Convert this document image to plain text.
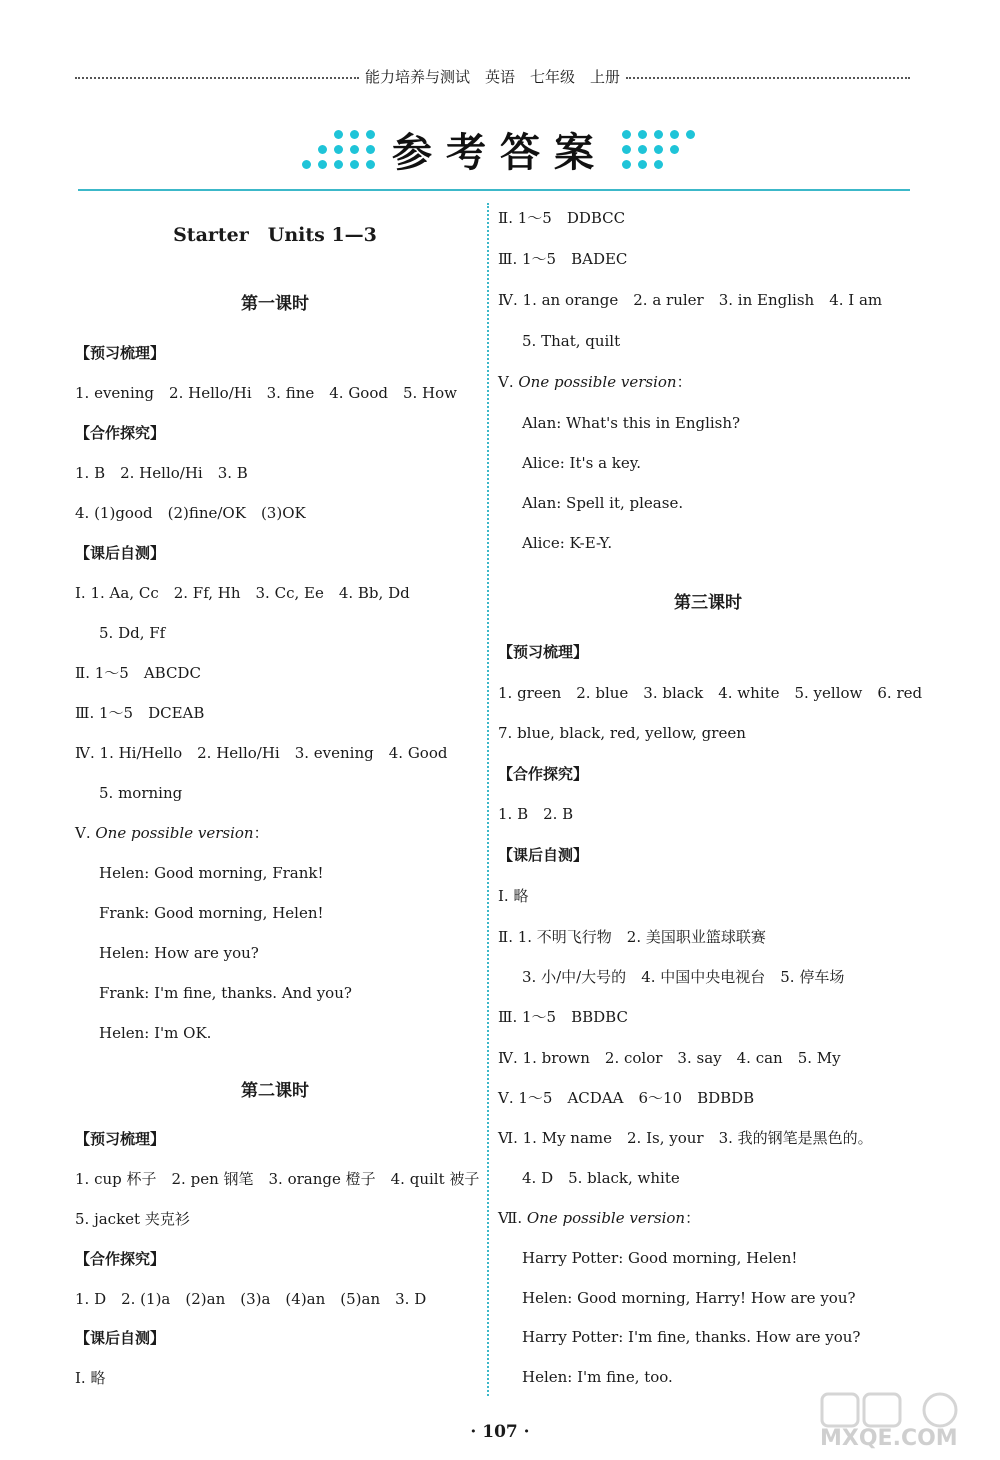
能力培养与测试　英语　七年级　上册
参考答案
Starter　Units 1—3
第一课时
【预习梳理】
1. evening　2. Hello/Hi　3. fine　4. Good　5. How
【合作探究】
1. B　2. Hello/Hi　3. B
4. (1)good　(2)fine/OK　(3)OK
【课后自测】
Ⅰ. 1. Aa, Cc　2. Ff, Hh　3. Cc, Ee　4. Bb, Dd
5. Dd, Ff
Ⅱ. 1～5　ABCDC
Ⅲ. 1～5　DCEAB
Ⅳ. 1. Hi/Hello　2. Hello/Hi　3. evening　4. Good
5. morning
Ⅴ. One possible version：
Helen: Good morning, Frank!
Frank: Good morning, Helen!
Helen: How are you?
Frank: I'm fine, thanks. And you?
Helen: I'm OK.
第二课时
【预习梳理】
1. cup 杯子　2. pen 钢笔　3. orange 橙子　4. quilt 被子
5. jacket 夹克衫
【合作探究】
1. D　2. (1)a　(2)an　(3)a　(4)an　(5)an　3. D
【课后自测】
Ⅰ. 略
Ⅱ. 1～5　DDBCC
Ⅲ. 1～5　BADEC
Ⅳ. 1. an orange　2. a ruler　3. in English　4. I am
5. That, quilt
Ⅴ. One possible version：
Alan: What's this in English?
Alice: It's a key.
Alan: Spell it, please.
Alice: K-E-Y.
第三课时
【预习梳理】
1. green　2. blue　3. black　4. white　5. yellow　6. red
7. blue, black, red, yellow, green
【合作探究】
1. B　2. B
【课后自测】
Ⅰ. 略
Ⅱ. 1. 不明飞行物　2. 美国职业篮球联赛
3. 小/中/大号的　4. 中国中央电视台　5. 停车场
Ⅲ. 1～5　BBDBC
Ⅳ. 1. brown　2. color　3. say　4. can　5. My
Ⅴ. 1～5　ACDAA　6～10　BDBDB
Ⅵ. 1. My name　2. Is, your　3. 我的钢笔是黑色的。
4. D　5. black, white
Ⅶ. One possible version：
Harry Potter: Good morning, Helen!
Helen: Good morning, Harry! How are you?
Harry Potter: I'm fine, thanks. How are you?
Helen: I'm fine, too.
· 107 ·	MXQE.COM
